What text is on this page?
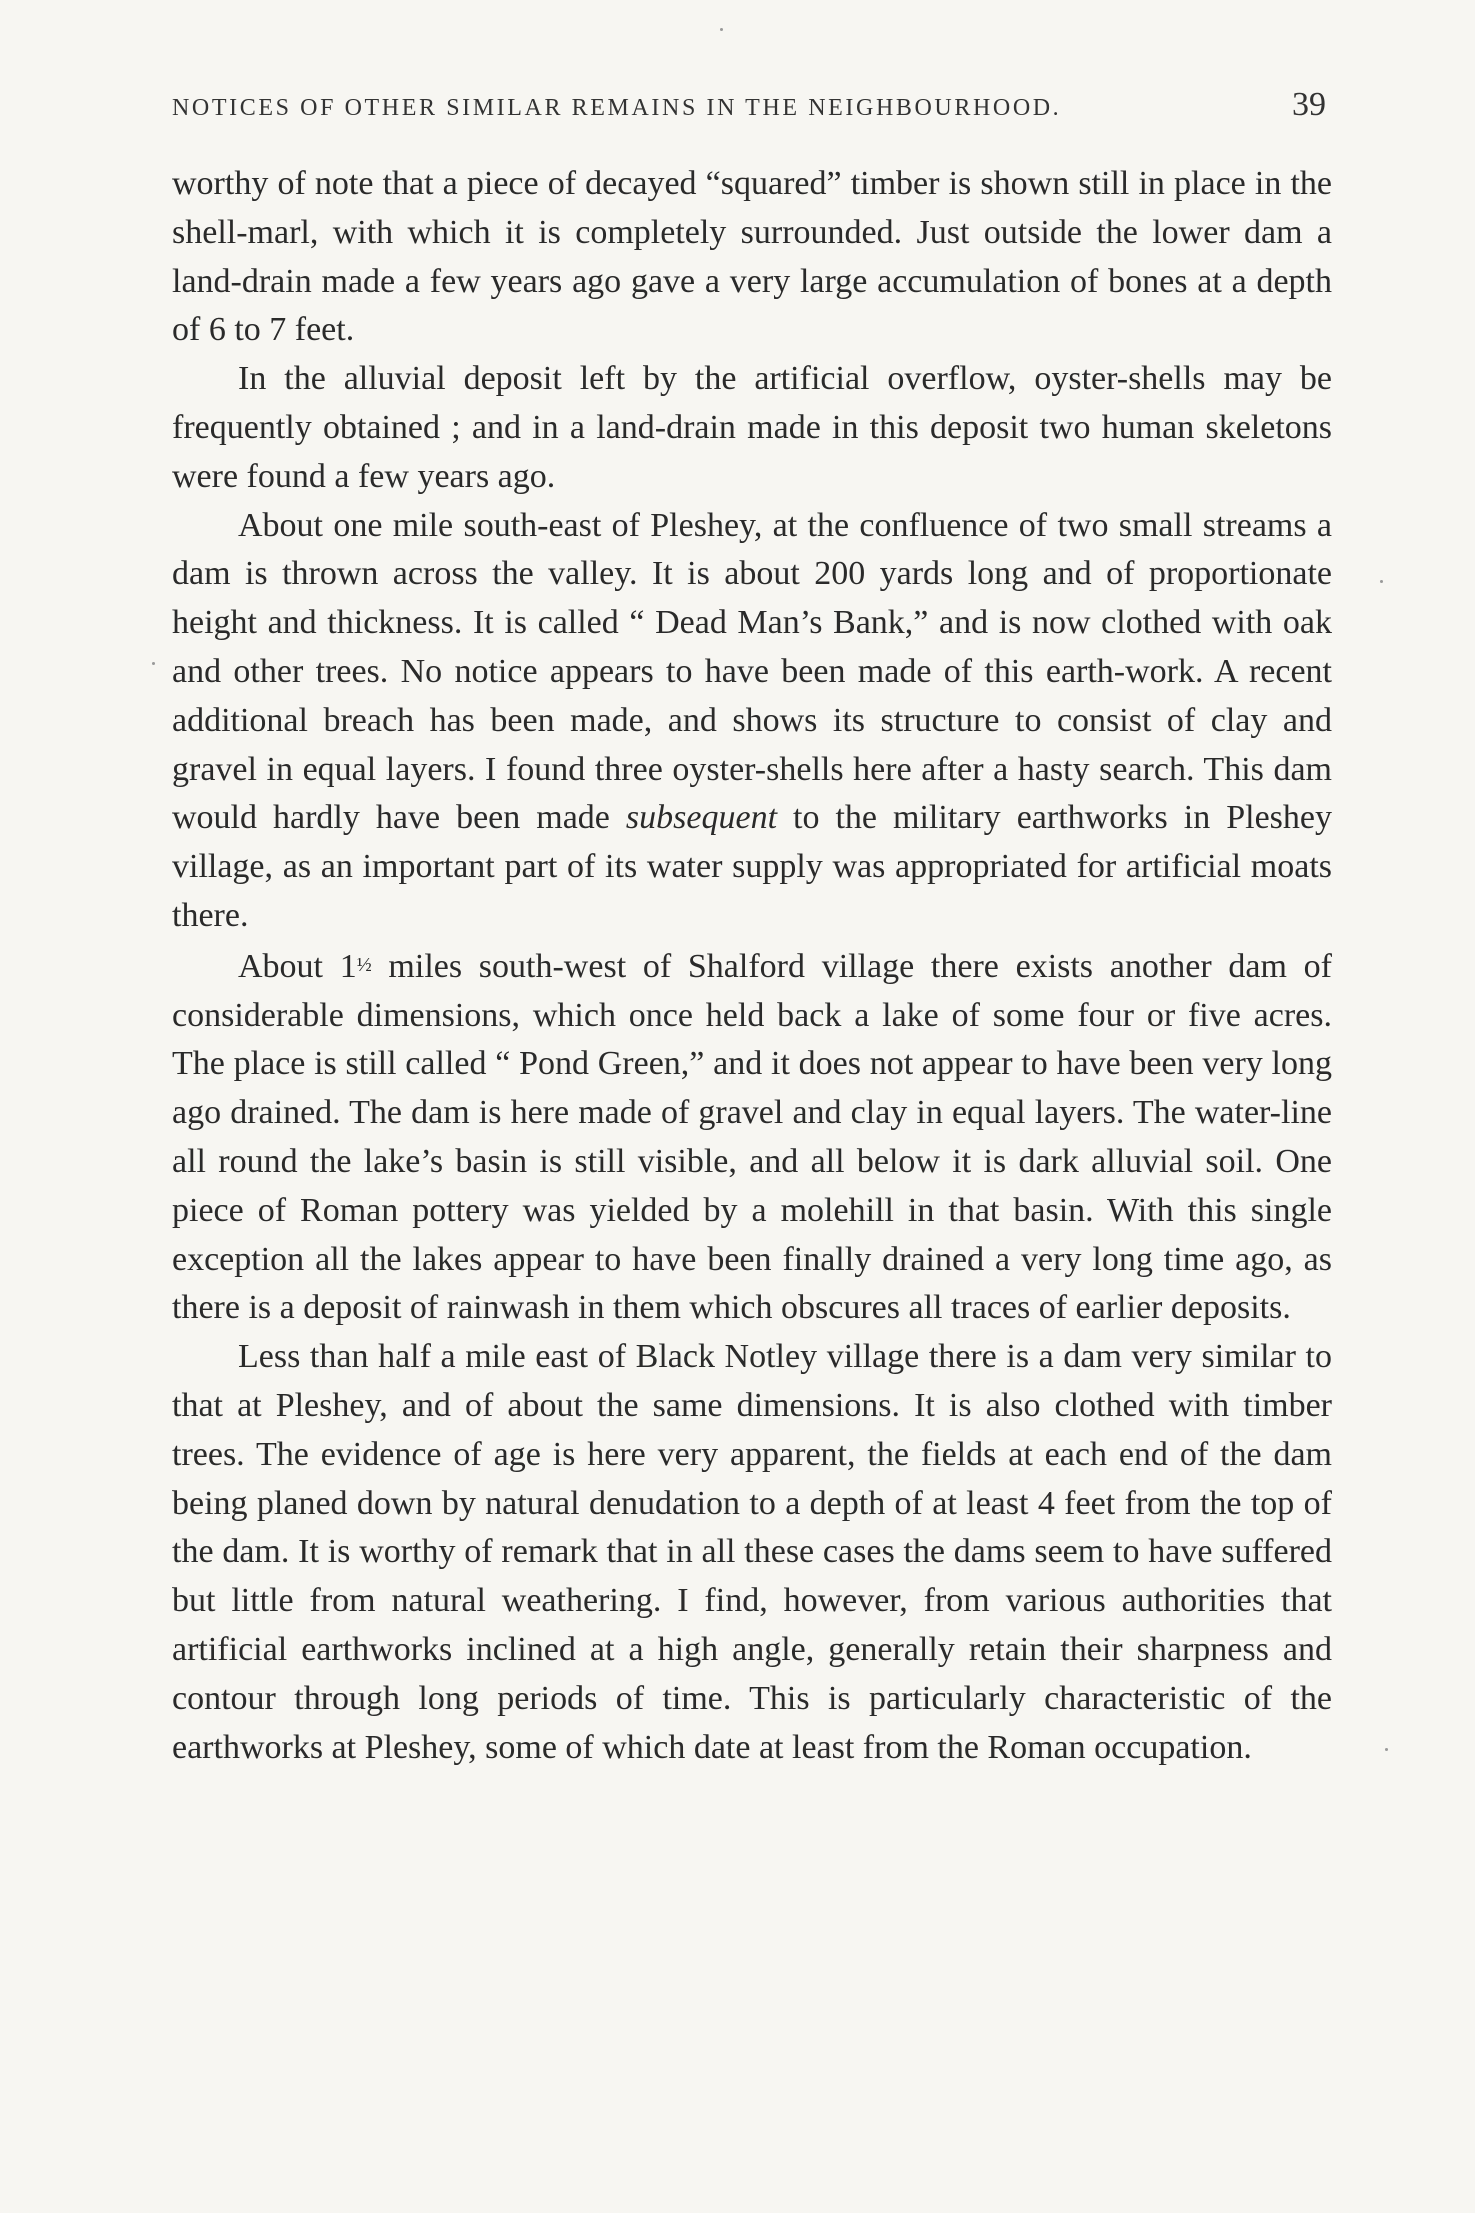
NOTICES OF OTHER SIMILAR REMAINS IN THE NEIGHBOURHOOD.	39

worthy of note that a piece of decayed “squared” timber is shown still in place in the shell-marl, with which it is completely surrounded. Just outside the lower dam a land-drain made a few years ago gave a very large accumulation of bones at a depth of 6 to 7 feet.

In the alluvial deposit left by the artificial overflow, oyster-shells may be frequently obtained ; and in a land-drain made in this deposit two human skeletons were found a few years ago.

About one mile south-east of Pleshey, at the confluence of two small streams a dam is thrown across the valley. It is about 200 yards long and of proportionate height and thickness. It is called “ Dead Man’s Bank,” and is now clothed with oak and other trees. No notice appears to have been made of this earth-work. A recent additional breach has been made, and shows its structure to consist of clay and gravel in equal layers. I found three oyster-shells here after a hasty search. This dam would hardly have been made subsequent to the military earthworks in Pleshey village, as an important part of its water supply was appropriated for artificial moats there.

About 1½ miles south-west of Shalford village there exists another dam of considerable dimensions, which once held back a lake of some four or five acres. The place is still called “ Pond Green,” and it does not appear to have been very long ago drained. The dam is here made of gravel and clay in equal layers. The water-line all round the lake’s basin is still visible, and all below it is dark alluvial soil. One piece of Roman pottery was yielded by a molehill in that basin. With this single exception all the lakes appear to have been finally drained a very long time ago, as there is a deposit of rainwash in them which obscures all traces of earlier deposits.

Less than half a mile east of Black Notley village there is a dam very similar to that at Pleshey, and of about the same dimensions. It is also clothed with timber trees. The evidence of age is here very apparent, the fields at each end of the dam being planed down by natural denudation to a depth of at least 4 feet from the top of the dam. It is worthy of remark that in all these cases the dams seem to have suffered but little from natural weathering. I find, however, from various authorities that artificial earthworks inclined at a high angle, generally retain their sharpness and contour through long periods of time. This is particularly characteristic of the earthworks at Pleshey, some of which date at least from the Roman occupation.
